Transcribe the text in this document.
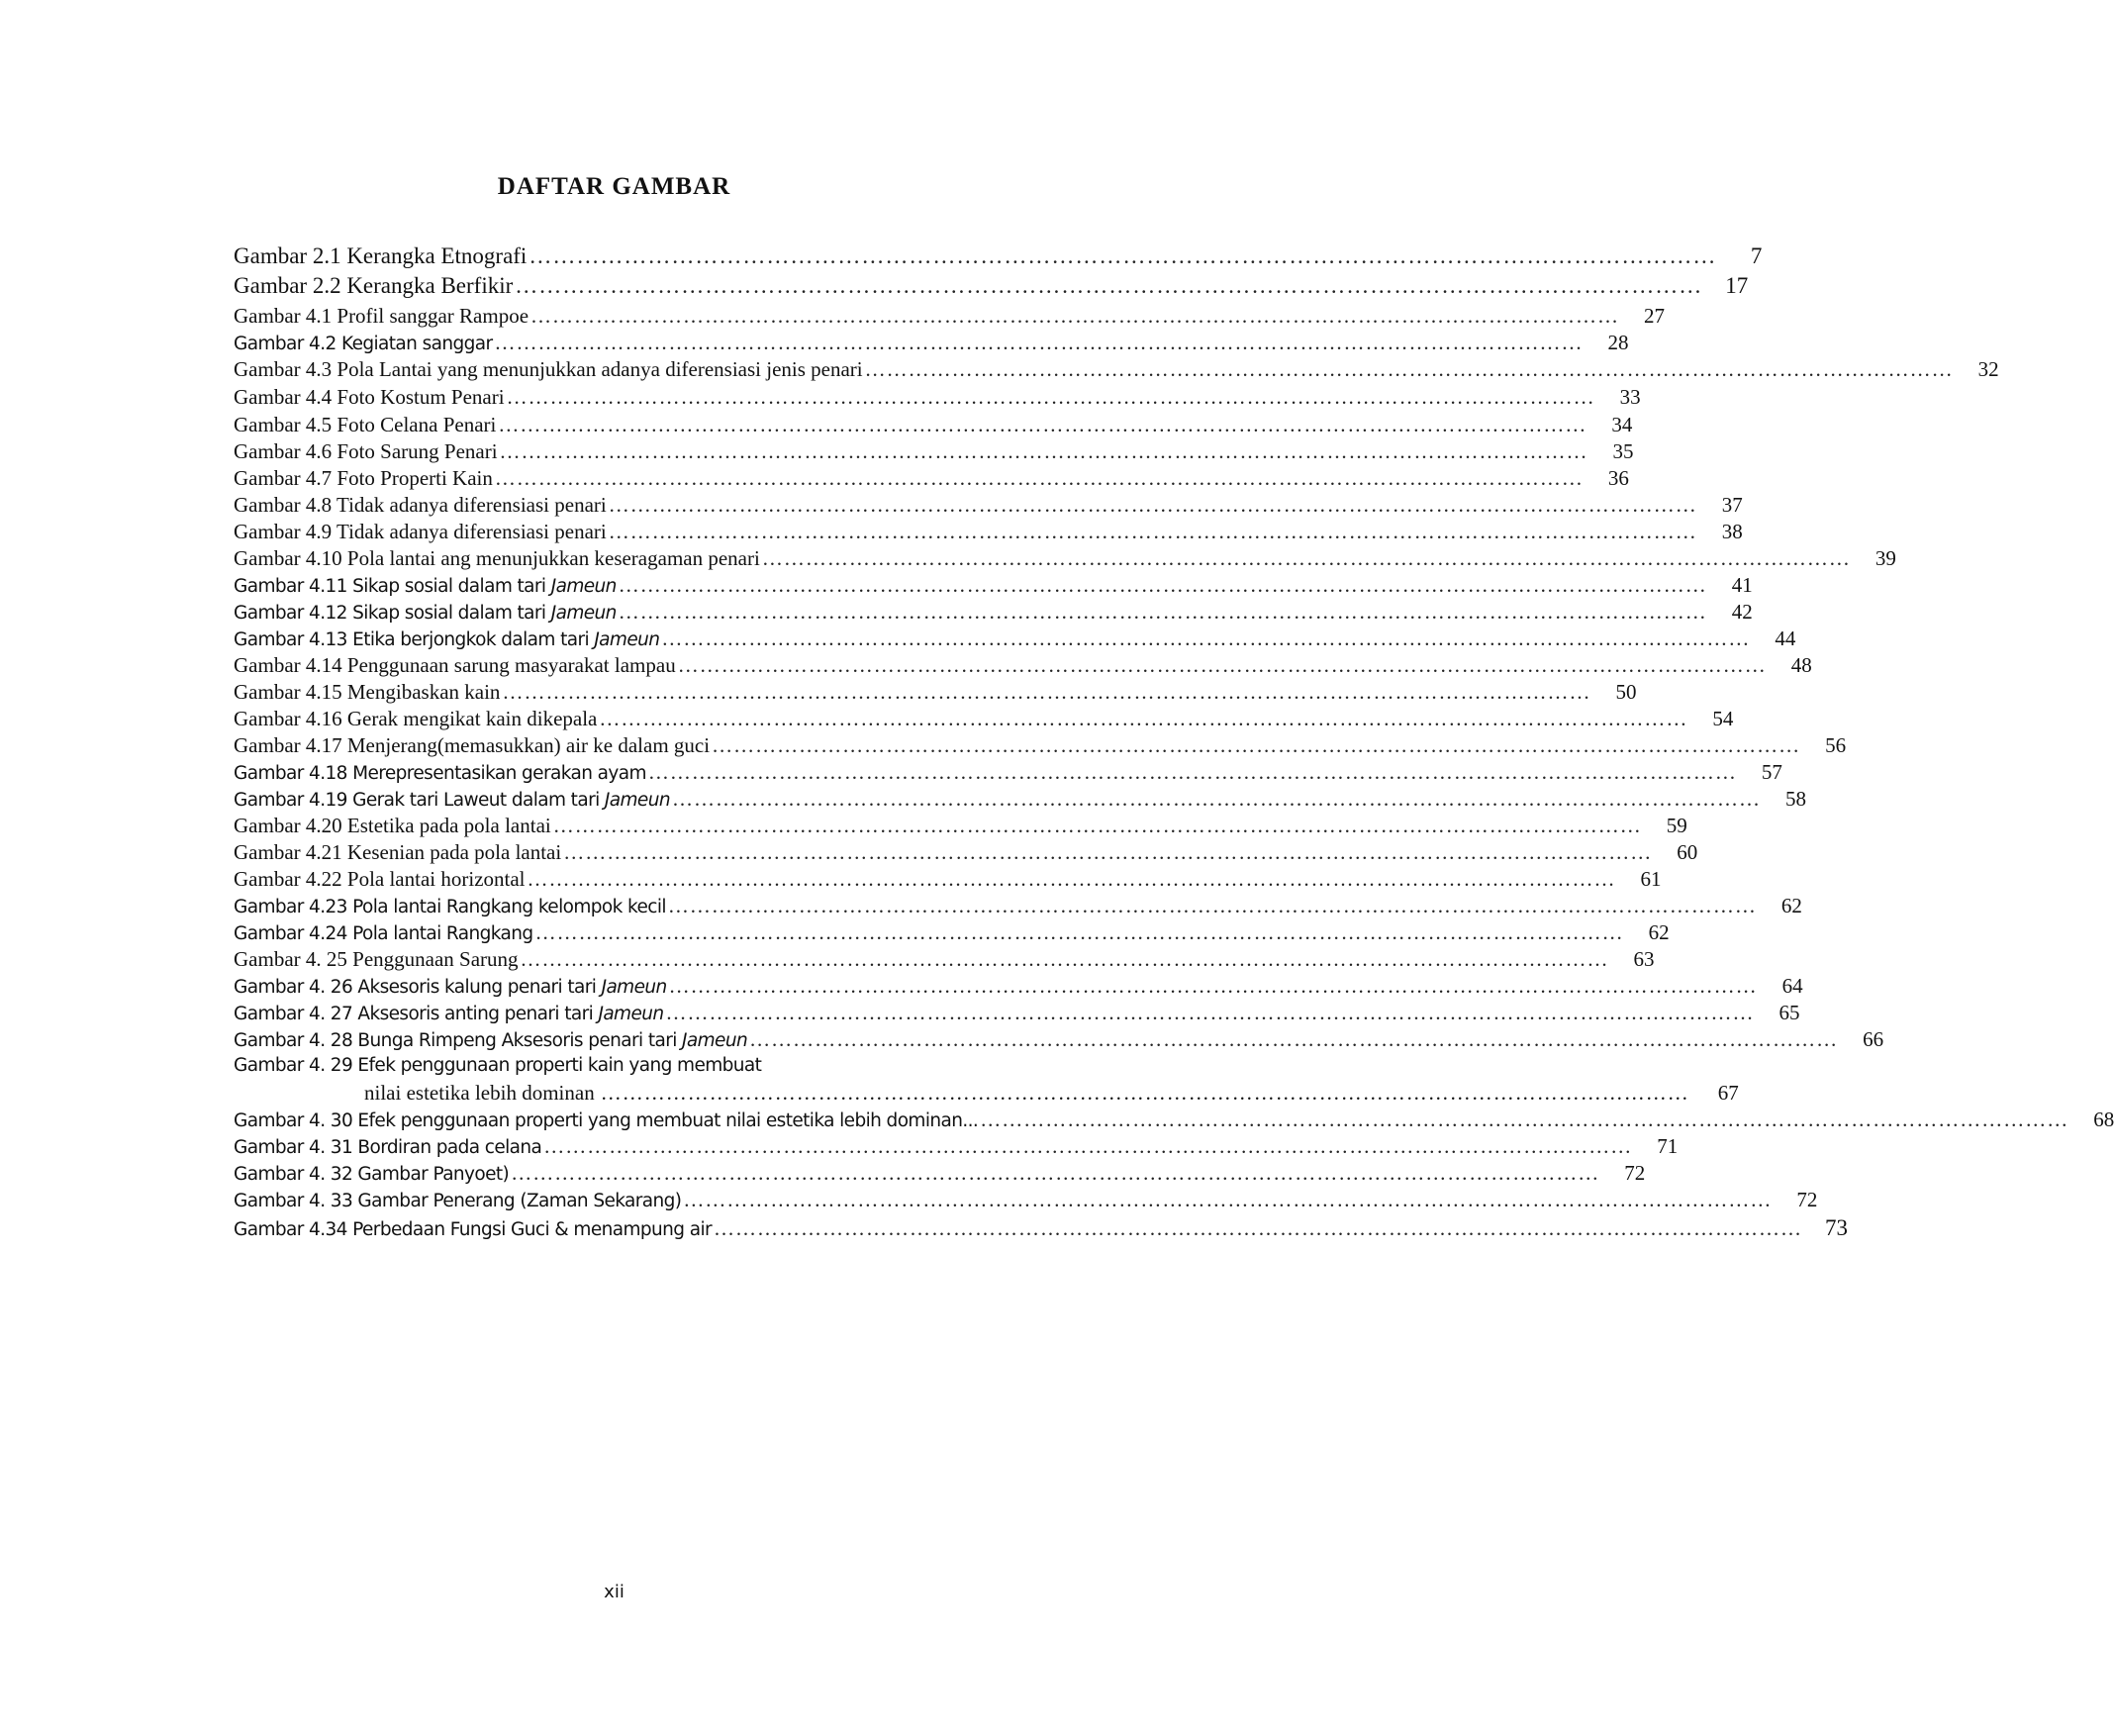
DAFTAR GAMBAR
Gambar 2.1 Kerangka Etnografi ……………………………………………………………………………………………………………………………………	7
Gambar 2.2 Kerangka Berfikir ……………………………………………………………………………………………………………………………………	17
Gambar 4.1 Profil sanggar Rampoe ……………………………………………………………………………………………………………………………………	27
Gambar 4.2 Kegiatan sanggar ……………………………………………………………………………………………………………………………………	28
Gambar 4.3 Pola Lantai yang menunjukkan adanya diferensiasi jenis penari ……………………………………………………………………………………………………………………………………	32
Gambar 4.4 Foto Kostum Penari ……………………………………………………………………………………………………………………………………	33
Gambar 4.5 Foto Celana Penari ……………………………………………………………………………………………………………………………………	34
Gambar 4.6 Foto Sarung Penari ……………………………………………………………………………………………………………………………………	35
Gambar 4.7 Foto Properti Kain ……………………………………………………………………………………………………………………………………	36
Gambar 4.8 Tidak adanya diferensiasi penari ……………………………………………………………………………………………………………………………………	37
Gambar 4.9 Tidak adanya diferensiasi penari ……………………………………………………………………………………………………………………………………	38
Gambar 4.10 Pola lantai ang menunjukkan keseragaman penari ……………………………………………………………………………………………………………………………………	39
Gambar 4.11 Sikap sosial dalam tari Jameun ……………………………………………………………………………………………………………………………………	41
Gambar 4.12 Sikap sosial dalam tari Jameun ……………………………………………………………………………………………………………………………………	42
Gambar 4.13 Etika berjongkok dalam tari Jameun ……………………………………………………………………………………………………………………………………	44
Gambar 4.14 Penggunaan sarung masyarakat lampau ……………………………………………………………………………………………………………………………………	48
Gambar 4.15 Mengibaskan kain ……………………………………………………………………………………………………………………………………	50
Gambar 4.16 Gerak mengikat kain dikepala ……………………………………………………………………………………………………………………………………	54
Gambar 4.17 Menjerang(memasukkan) air ke dalam guci ……………………………………………………………………………………………………………………………………	56
Gambar 4.18 Merepresentasikan gerakan ayam ……………………………………………………………………………………………………………………………………	57
Gambar 4.19 Gerak tari Laweut dalam tari Jameun ……………………………………………………………………………………………………………………………………	58
Gambar 4.20 Estetika pada pola lantai ……………………………………………………………………………………………………………………………………	59
Gambar 4.21 Kesenian pada pola lantai ……………………………………………………………………………………………………………………………………	60
Gambar 4.22 Pola lantai horizontal ……………………………………………………………………………………………………………………………………	61
Gambar 4.23 Pola lantai Rangkang kelompok kecil ……………………………………………………………………………………………………………………………………	62
Gambar 4.24 Pola lantai Rangkang ……………………………………………………………………………………………………………………………………	62
Gambar 4. 25 Penggunaan Sarung ……………………………………………………………………………………………………………………………………	63
Gambar 4. 26 Aksesoris kalung penari tari Jameun ……………………………………………………………………………………………………………………………………	64
Gambar 4. 27 Aksesoris anting penari tari Jameun ……………………………………………………………………………………………………………………………………	65
Gambar 4. 28 Bunga Rimpeng Aksesoris penari tari Jameun ……………………………………………………………………………………………………………………………………	66
Gambar 4. 29 Efek penggunaan properti kain yang membuat
nilai estetika lebih dominan ……………………………………………………………………………………………………………………………………	67
Gambar 4. 30 Efek penggunaan properti yang membuat nilai estetika lebih dominan... ……………………………………………………………………………………………………………………………………	68
Gambar 4. 31 Bordiran pada celana ……………………………………………………………………………………………………………………………………	71
Gambar 4. 32 Gambar Panyoet) ……………………………………………………………………………………………………………………………………	72
Gambar 4. 33 Gambar Penerang (Zaman Sekarang) ……………………………………………………………………………………………………………………………………	72
Gambar 4.34 Perbedaan Fungsi Guci & menampung air ……………………………………………………………………………………………………………………………………	73
xii
